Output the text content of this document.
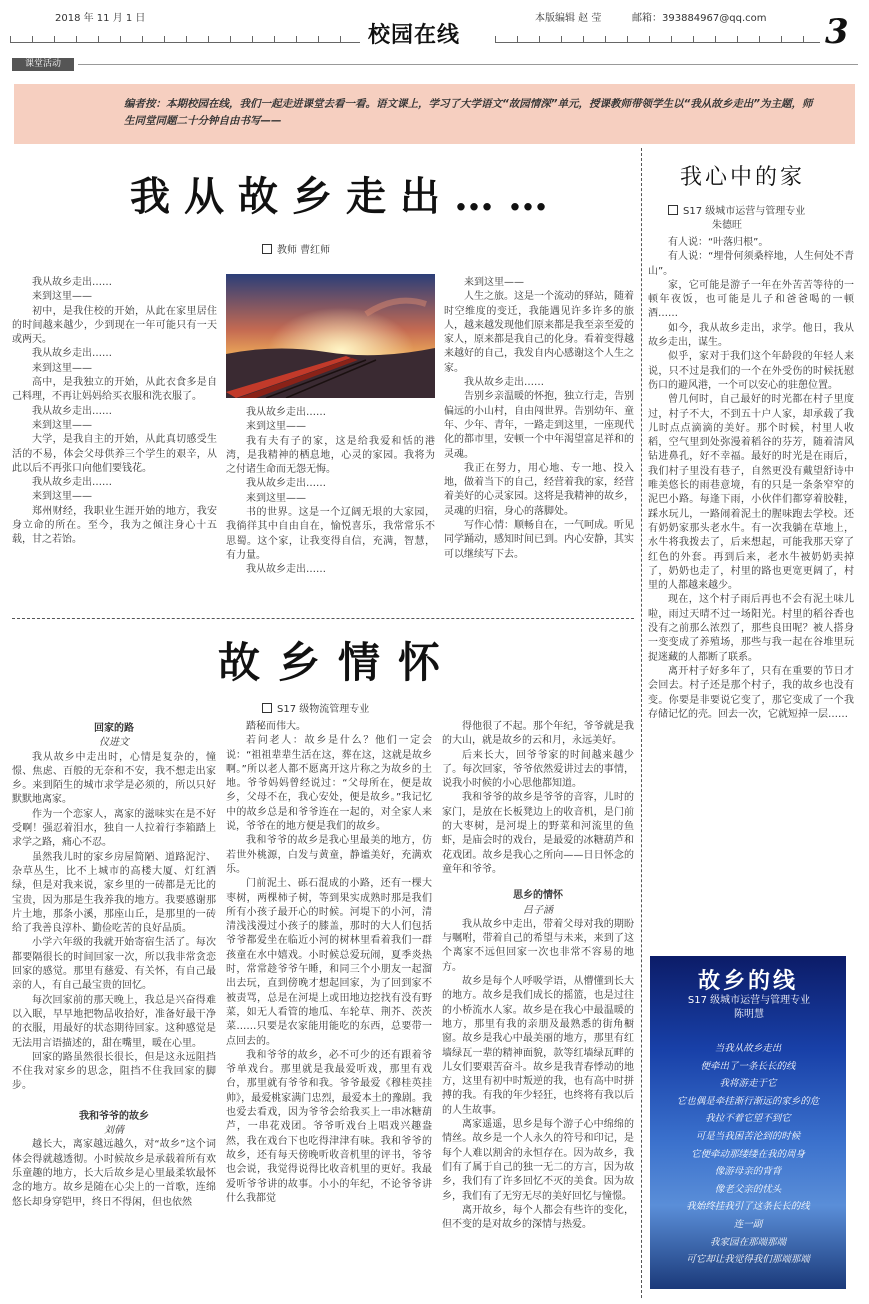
2018 年 11 月 1 日
校园在线
本版编辑 赵 莹	邮箱：393884967@qq.com 3
课堂活动

编者按：本期校园在线，我们一起走进课堂去看一看。语文课上，学习了大学语文“故园情深”单元，授课教师带领学生以“我从故乡走出”为主题，师生同堂同题二十分钟自由书写——

我从故乡走出……
教师 曹红师

我从故乡走出……

来到这里——

初中，是我住校的开始，从此在家里居住的时间越来越少，少到现在一年可能只有一天或两天。

我从故乡走出……

来到这里——

高中，是我独立的开始，从此衣食多是自己料理，不再让妈妈给买衣服和洗衣服了。

我从故乡走出……

来到这里——

大学，是我自主的开始，从此真切感受生活的不易，体会父母供养三个学生的艰辛，从此以后不再张口向他们要钱花。

我从故乡走出……

来到这里——

郑州财经，我职业生涯开始的地方，我安身立命的所在。至今，我为之倾注身心十五载，甘之若饴。

我从故乡走出……

来到这里——

我有夫有子的家，这是给我爱和恬的港湾，是我精神的栖息地，心灵的家园。我将为之付诸生命而无怨无悔。

我从故乡走出……

来到这里——

书的世界。这是一个辽阔无垠的大家园，我徜徉其中自由自在，愉悦喜乐，我常常乐不思蜀。这个家，让我变得自信，充满，智慧，有力量。

我从故乡走出……

来到这里——

人生之旅。这是一个流动的驿站，随着时空维度的变迁，我能遇见许多许多的旅人，越来越发现他们原来都是我至亲至爱的家人，原来都是我自己的化身。看着变得越来越好的自己，我发自内心感谢这个人生之家。

我从故乡走出……

告别乡亲温暖的怀抱，独立行走，告别偏远的小山村，自由闯世界。告别幼年、童年、少年、青年，一路走到这里，一座现代化的都市里，安顿一个中年渴望富足祥和的灵魂。

我正在努力，用心地、专一地、投入地，做着当下的自己，经营着我的家，经营着美好的心灵家园。这将是我精神的故乡，灵魂的归宿，身心的落脚处。

写作心情：顺畅自在，一气呵成。听见同学踊动，感知时间已到。内心安静，其实可以继续写下去。

故乡情怀
S17 级物流管理专业

回家的路

仪进文

我从故乡中走出时，心情是复杂的，憧憬、焦虑、百般的无奈和不安，我不想走出家乡。来到陌生的城市求学是必须的，所以只好默默地离家。

作为一个恋家人，离家的滋味实在是不好受啊！强忍着泪水，独自一人拉着行李箱踏上求学之路，痛心不忍。

虽然我儿时的家乡房屋简陋、道路泥泞、杂草丛生，比不上城市的高楼大厦、灯红酒绿，但是对我来说，家乡里的一砖都是无比的宝贵，因为那是生我养我的地方。我要感谢那片土地，那条小溪，那座山丘，是那里的一砖给了我善良淳朴、勤俭吃苦的良好品质。

小学六年级的我就开始寄宿生活了。每次都要隔很长的时间回家一次，所以我非常贪恋回家的感觉。那里有慈爱、有关怀，有自己最亲的人，有自己最宝贵的回忆。

每次回家前的那天晚上，我总是兴奋得难以入眠，早早地把物品收拾好，准备好最干净的衣服，用最好的状态期待回家。这种感觉是无法用言语描述的，甜在嘴里，暖在心里。

回家的路虽然很长很长，但是这永远阻挡不住我对家乡的思念，阻挡不住我回家的脚步。

我和爷爷的故乡

刘倩

越长大，离家越远越久，对“故乡”这个词体会得就越透彻。小时候故乡是承载着所有欢乐童趣的地方，长大后故乡是心里最柔软最怀念的地方。故乡是随在心尖上的一首歌，连绵悠长却身穿铠甲，终日不得闲，但也依然

踏秘而伟大。

若问老人：故乡是什么？他们一定会说：“祖祖辈辈生活在这，葬在这，这就是故乡啊。”所以老人都不愿离开这片称之为故乡的土地。爷爷妈妈曾经说过：“父母所在，便是故乡，父母不在，我心安处，便是故乡。”我记忆中的故乡总是和爷爷连在一起的，对全家人来说，爷爷在的地方便是我们的故乡。

我和爷爷的故乡是我心里最美的地方，仿若世外桃源，白发与黄童，静谧美好，充满欢乐。

门前泥土、砾石混成的小路，还有一棵大枣树，两棵柿子树，等到果实成熟时那是我们所有小孩子最开心的时候。河堤下的小河，清清浅浅漫过小孩子的膝盖，那时的大人们包括爷爷都爱坐在临近小河的树林里看着我们一群孩童在水中嬉戏。小时候总爱玩闹，夏季炎热时，常常趁爷爷午睡，和同三个小朋友一起溜出去玩，直到傍晚才想起回家，为了回到家不被责骂，总是在河堤上或田地边挖找有没有野菜，如无人看管的地瓜、车轮草、荆芥、茨茨菜……只要是农家能用能吃的东西，总要带一点回去的。

我和爷爷的故乡，必不可少的还有跟着爷爷单戏台。那里就是我最爱听戏，那里有戏台，那里就有爷爷和我。爷爷最爱《穆桂英挂帅》，最爱桃家满门忠烈，最爱本土的豫剧。我也爱去看戏，因为爷爷会给我买上一串冰糖葫芦，一串花戏团。爷爷听戏台上唱戏兴趣盎然，我在戏台下也吃得津津有味。我和爷爷的故乡，还有每天傍晚听收音机里的评书，爷爷也会说，我觉得说得比收音机里的更好。我最爱听爷爷讲的故事。小小的年纪，不论爷爷讲什么我都觉

得他很了不起。那个年纪，爷爷就是我的大山，就是故乡的云和月，永远美好。

后来长大，回爷爷家的时间越来越少了。每次回家，爷爷依然爱讲过去的事情，说我小时候的小心思他都知道。

我和爷爷的故乡是爷爷的音容，儿时的家门，是放在长板凳边上的收音机，是门前的大枣树，是河堤上的野菜和河流里的鱼虾，是庙会时的戏台，是最爱的冰糖葫芦和花戏团。故乡是我心之所向——日日怀念的童年和爷爷。

思乡的情怀

吕子涵

我从故乡中走出，带着父母对我的期盼与嘱咐，带着自己的希望与未来，来到了这个离家不远但回家一次也非常不容易的地方。

故乡是每个人呼吸学语，从懵懂到长大的地方。故乡是我们成长的摇篮，也是过往的小桥流水人家。故乡是在我心中最温暖的地方，那里有我的亲朋及最熟悉的街角橱窗。故乡是我心中最美丽的地方，那里有红墙绿瓦一辈的精神面貌，款等红墙绿瓦畔的儿女们要艰苦奋斗。故乡是我青春悸动的地方，这里有初中时叛逆的我，也有高中时拼搏的我。有我的年少轻狂，也终将有我以后的人生故事。

离家遥遥，思乡是每个游子心中绵绵的情丝。故乡是一个人永久的符号和印记，是每个人难以割舍的永恒存在。因为故乡，我们有了属于自己的独一无二的方言，因为故乡，我们有了许多回忆不灭的美食。因为故乡，我们有了无穷无尽的美好回忆与憧憬。

离开故乡，每个人都会有些许的变化，但不变的是对故乡的深情与热爱。

我心中的家
S17 级城市运营与管理专业
朱德旺

有人说：“叶落归根”。

有人说：“埋骨何须桑梓地，人生何处不青山”。

家，它可能是游子一年在外苦苦等待的一顿年夜饭，也可能是儿子和爸爸喝的一顿酒……

如今，我从故乡走出，求学。他日，我从故乡走出，谋生。

似乎，家对于我们这个年龄段的年轻人来说，只不过是我们的一个在外受伤的时候抚慰伤口的避风港，一个可以安心的驻憩位置。

曾几何时，自己最好的时光都在村子里度过，村子不大，不到五十户人家，却承载了我儿时点点滴滴的美好。那个时候，村里人收稻，空气里到处弥漫着稻谷的芬芳，随着清风钻进鼻孔，好不幸福。最好的时光是在雨后，我们村子里没有巷子，自然更没有戴望舒诗中唯美悠长的雨巷意境，有的只是一条条窄窄的泥巴小路。每逢下雨，小伙伴们都穿着胶鞋，踩水玩儿，一路闹着泥土的腥味跑去学校。还有奶奶家那头老水牛。有一次我躺在草地上，水牛将我拨去了，后来想起，可能我那天穿了红色的外套。再到后来，老水牛被奶奶卖掉了，奶奶也走了，村里的路也更宽更阔了，村里的人都越来越少。

现在，这个村子雨后再也不会有泥土味儿啦，雨过天晴不过一场阳光。村里的稻谷香也没有之前那么浓烈了，那些良田呢？被人搭身一变变成了养殖场，那些与我一起在谷堆里玩捉迷藏的人都断了联系。

离开村子好多年了，只有在重要的节日才会回去。村子还是那个村子，我的故乡也没有变。你要是非要说它变了，那它变成了一个我存储记忆的壳。回去一次，它就短掉一层……

故乡的线
S17 级城市运营与管理专业
陈明慧
当我从故乡走出
便牵出了一条长长的线
我将游走于它
它也偶是牵挂渐行渐远的家乡的危
我拉不着它望不到它
可是当我困苦沦到的时候
它便牵动那缕缕在我的周身
像游母亲的背背
像老父亲的忧头
我始终挂我引了这条长长的线
连一副
我家园在那端那端
可它却让我觉得我们那端那端
